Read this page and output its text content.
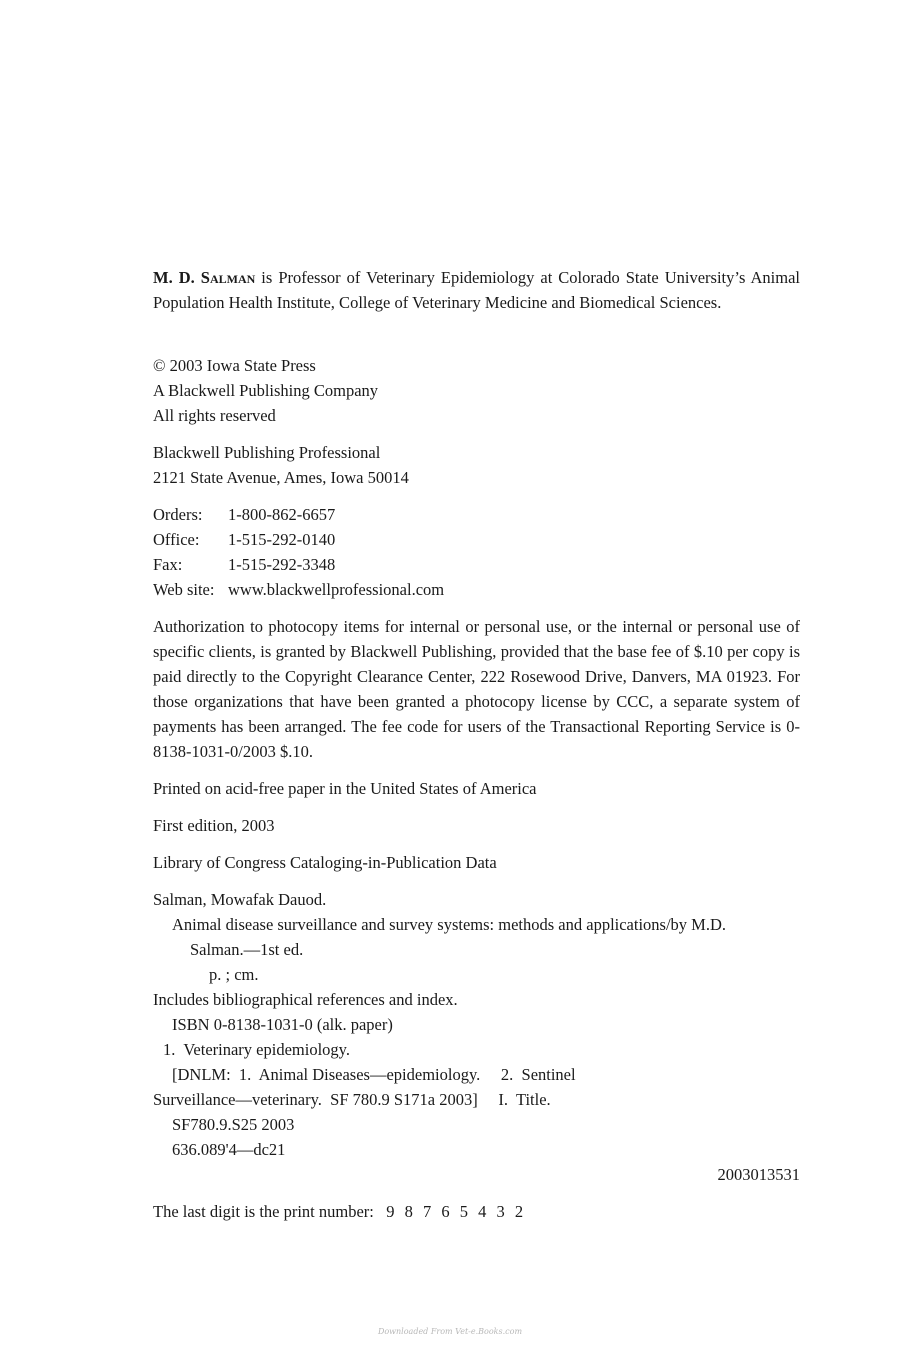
M. D. Salman is Professor of Veterinary Epidemiology at Colorado State University’s Animal Population Health Institute, College of Veterinary Medicine and Biomedical Sciences.

© 2003 Iowa State Press

A Blackwell Publishing Company

All rights reserved

Blackwell Publishing Professional

2121 State Avenue, Ames, Iowa 50014

Orders:	1-800-862-6657
Office:	1-515-292-0140
Fax:	1-515-292-3348
Web site: www.blackwellprofessional.com

Authorization to photocopy items for internal or personal use, or the internal or personal use of specific clients, is granted by Blackwell Publishing, provided that the base fee of $.10 per copy is paid directly to the Copyright Clearance Center, 222 Rosewood Drive, Danvers, MA 01923. For those organizations that have been granted a photocopy license by CCC, a separate system of payments has been arranged. The fee code for users of the Transactional Reporting Service is 0-8138-1031-0/2003 $.10.

Printed on acid-free paper in the United States of America

First edition, 2003

Library of Congress Cataloging-in-Publication Data

Salman, Mowafak Dauod.

Animal disease surveillance and survey systems: methods and applications/by M.D.

Salman.—1st ed.

p. ; cm.

Includes bibliographical references and index.

ISBN 0-8138-1031-0 (alk. paper)

1.  Veterinary epidemiology.

[DNLM:  1.  Animal Diseases—epidemiology.     2.  Sentinel

Surveillance—veterinary.  SF 780.9 S171a 2003]     I.  Title.

SF780.9.S25 2003

636.089'4—dc21

2003013531

The last digit is the print number: 9 8 7 6 5 4 3 2

Downloaded From Vet-e.Books.com
